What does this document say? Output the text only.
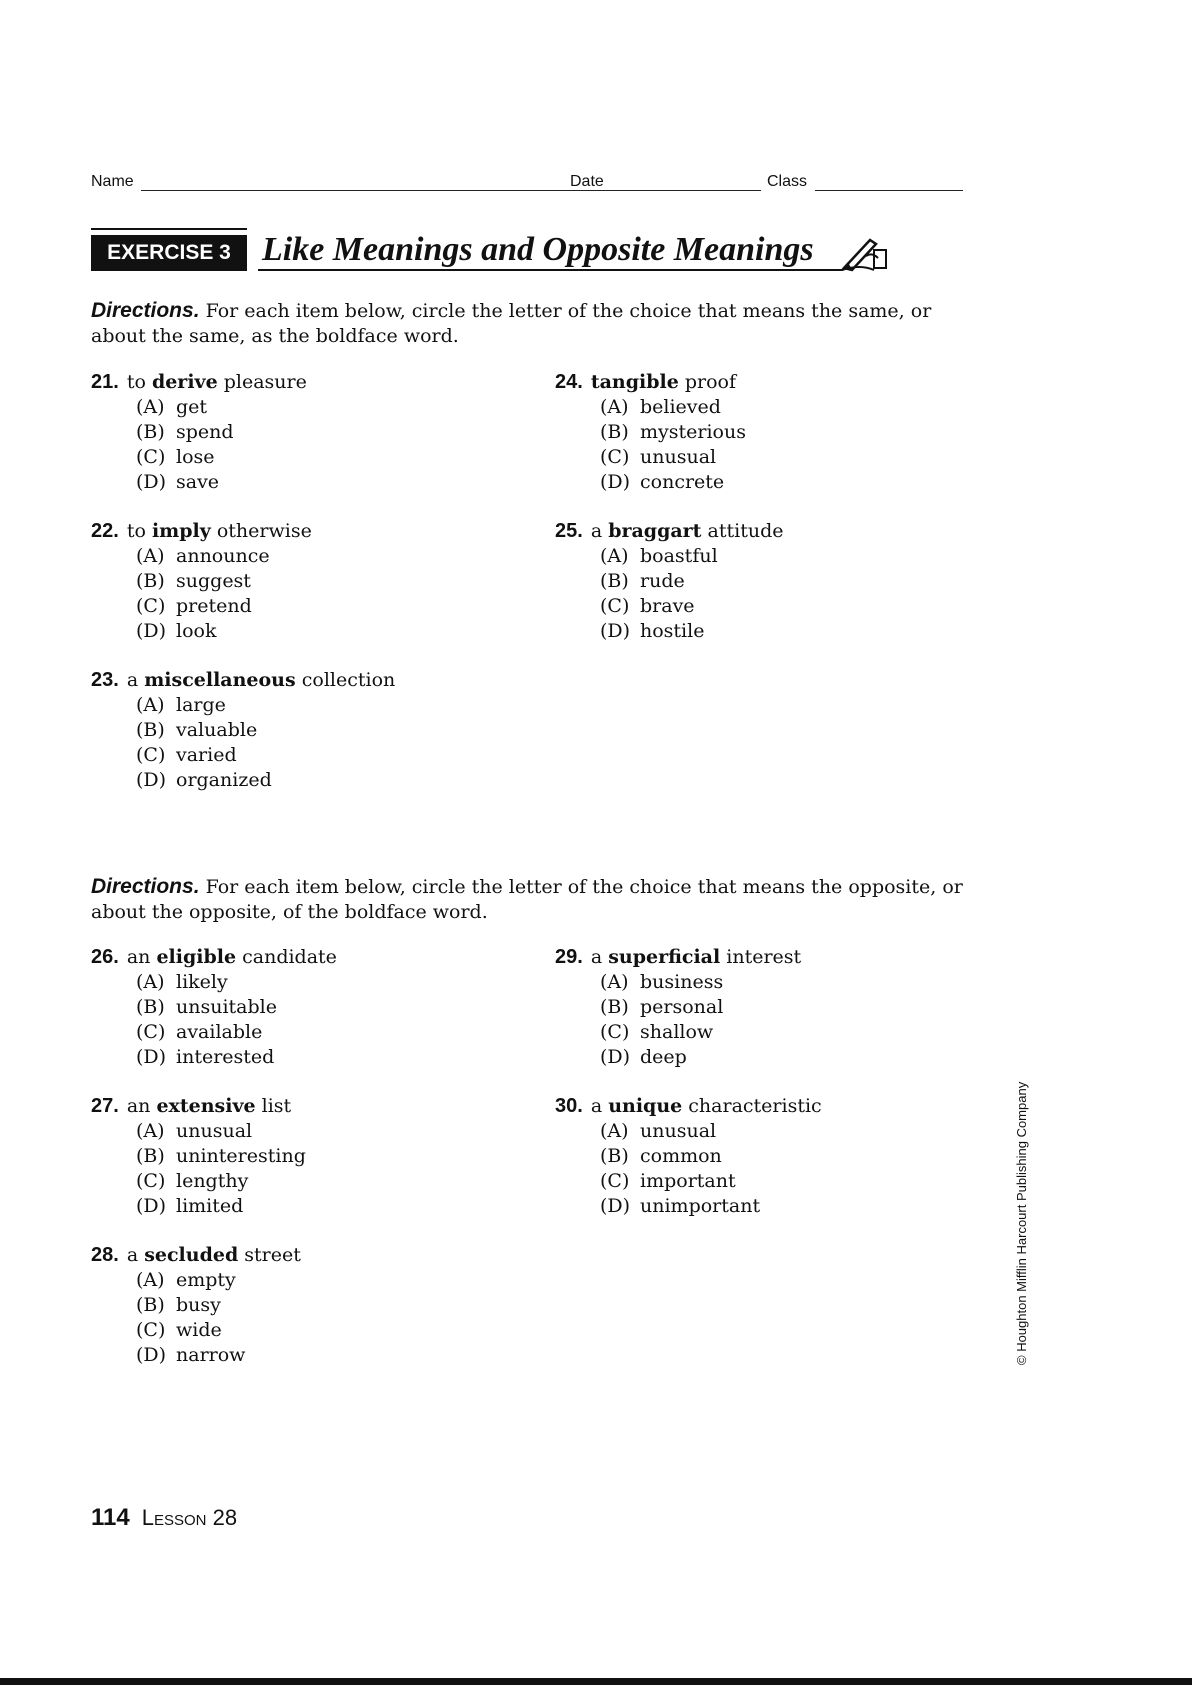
Name	Date	Class
EXERCISE 3 Like Meanings and Opposite Meanings
Directions. For each item below, circle the letter of the choice that means the same, or about the same, as the boldface word.
21. to derive pleasure
(A) get
(B) spend
(C) lose
(D) save
22. to imply otherwise
(A) announce
(B) suggest
(C) pretend
(D) look
23. a miscellaneous collection
(A) large
(B) valuable
(C) varied
(D) organized
24. tangible proof
(A) believed
(B) mysterious
(C) unusual
(D) concrete
25. a braggart attitude
(A) boastful
(B) rude
(C) brave
(D) hostile
Directions. For each item below, circle the letter of the choice that means the opposite, or about the opposite, of the boldface word.
26. an eligible candidate
(A) likely
(B) unsuitable
(C) available
(D) interested
27. an extensive list
(A) unusual
(B) uninteresting
(C) lengthy
(D) limited
28. a secluded street
(A) empty
(B) busy
(C) wide
(D) narrow
29. a superficial interest
(A) business
(B) personal
(C) shallow
(D) deep
30. a unique characteristic
(A) unusual
(B) common
(C) important
(D) unimportant	© Houghton Mifflin Harcourt Publishing Company
114 Lesson 28
